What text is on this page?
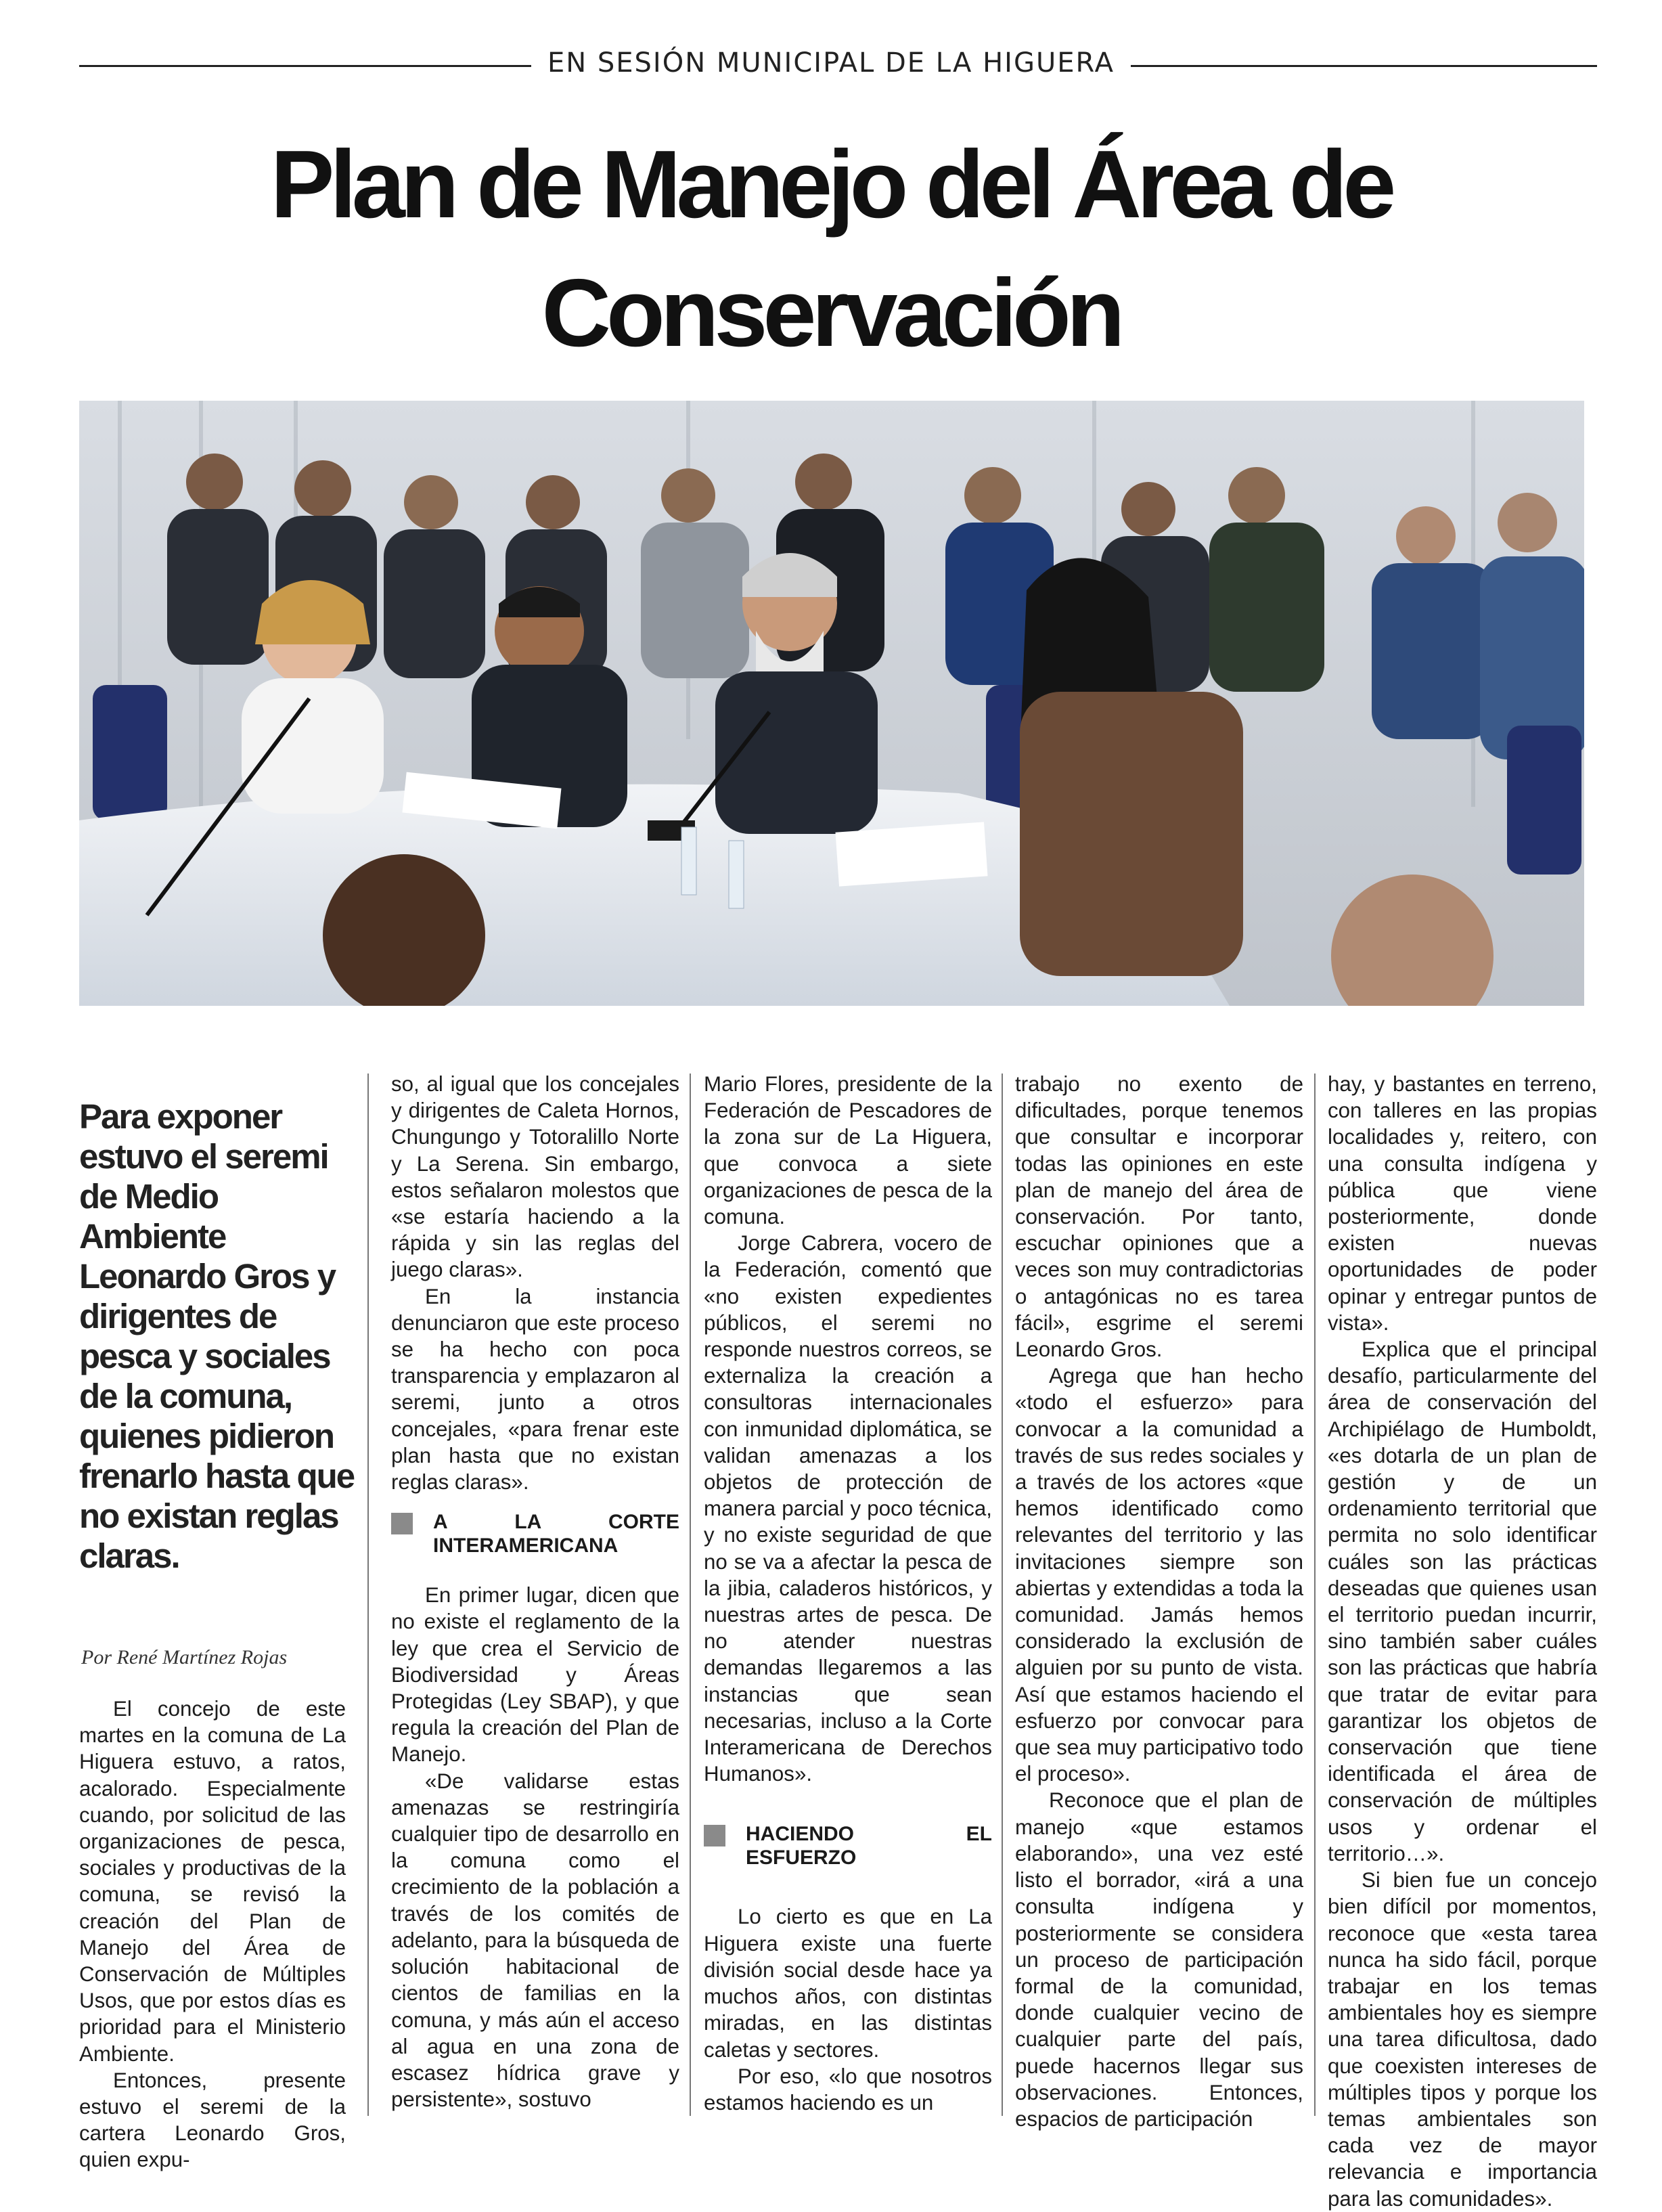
EN SESIÓN MUNICIPAL DE LA HIGUERA
Plan de Manejo del Área de Conservación
Para exponer estuvo el seremi de Medio Ambiente Leonardo Gros y dirigentes de pesca y sociales de la comuna, quienes pidieron frenarlo hasta que no existan reglas claras.
Por René Martínez Rojas

El concejo de este martes en la comuna de La Higuera estuvo, a ratos, acalorado. Especialmente cuando, por solicitud de las organizaciones de pesca, sociales y productivas de la comuna, se revisó la creación del Plan de Manejo del Área de Conservación de Múltiples Usos, que por estos días es prioridad para el Ministerio Ambiente.

Entonces, presente estuvo el seremi de la cartera Leonardo Gros, quien expu-

so, al igual que los concejales y dirigentes de Caleta Hornos, Chungungo y Totoralillo Norte y La Serena. Sin embargo, estos señalaron molestos que «se estaría haciendo a la rápida y sin las reglas del juego claras».

En la instancia denunciaron que este proceso se ha hecho con poca transparencia y emplazaron al seremi, junto a otros concejales, «para frenar este plan hasta que no existan reglas claras».

A LA CORTE INTERAMERICANA

En primer lugar, dicen que no existe el reglamento de la ley que crea el Servicio de Biodiversidad y Áreas Protegidas (Ley SBAP), y que regula la creación del Plan de Manejo.

«De validarse estas amenazas se restringiría cualquier tipo de desarrollo en la comuna como el crecimiento de la población a través de los comités de adelanto, para la búsqueda de solución habitacional de cientos de familias en la comuna, y más aún el acceso al agua en una zona de escasez hídrica grave y persistente», sostuvo

Mario Flores, presidente de la Federación de Pescadores de la zona sur de La Higuera, que convoca a siete organizaciones de pesca de la comuna.

Jorge Cabrera, vocero de la Federación, comentó que «no existen expedientes públicos, el seremi no responde nuestros correos, se externaliza la creación a consultoras internacionales con inmunidad diplomática, se validan amenazas a los objetos de protección de manera parcial y poco técnica, y no existe seguridad de que no se va a afectar la pesca de la jibia, caladeros históricos, y nuestras artes de pesca. De no atender nuestras demandas llegaremos a las instancias que sean necesarias, incluso a la Corte Interamericana de Derechos Humanos».

HACIENDO EL ESFUERZO

Lo cierto es que en La Higuera existe una fuerte división social desde hace ya muchos años, con distintas miradas, en las distintas caletas y sectores.

Por eso, «lo que nosotros estamos haciendo es un

trabajo no exento de dificultades, porque tenemos que consultar e incorporar todas las opiniones en este plan de manejo del área de conservación. Por tanto, escuchar opiniones que a veces son muy contradictorias o antagónicas no es tarea fácil», esgrime el seremi Leonardo Gros.

Agrega que han hecho «todo el esfuerzo» para convocar a la comunidad a través de sus redes sociales y a través de los actores «que hemos identificado como relevantes del territorio y las invitaciones siempre son abiertas y extendidas a toda la comunidad. Jamás hemos considerado la exclusión de alguien por su punto de vista. Así que estamos haciendo el esfuerzo por convocar para que sea muy participativo todo el proceso».

Reconoce que el plan de manejo «que estamos elaborando», una vez esté listo el borrador, «irá a una consulta indígena y posteriormente se considera un proceso de participación formal de la comunidad, donde cualquier vecino de cualquier parte del país, puede hacernos llegar sus observaciones. Entonces, espacios de participación

hay, y bastantes en terreno, con talleres en las propias localidades y, reitero, con una consulta indígena y pública que viene posteriormente, donde existen nuevas oportunidades de poder opinar y entregar puntos de vista».

Explica que el principal desafío, particularmente del área de conservación del Archipiélago de Humboldt, «es dotarla de un plan de gestión y de un ordenamiento territorial que permita no solo identificar cuáles son las prácticas deseadas que quienes usan el territorio puedan incurrir, sino también saber cuáles son las prácticas que habría que tratar de evitar para garantizar los objetos de conservación que tiene identificada el área de conservación de múltiples usos y ordenar el territorio…».

Si bien fue un concejo bien difícil por momentos, reconoce que «esta tarea nunca ha sido fácil, porque trabajar en los temas ambientales hoy es siempre una tarea dificultosa, dado que coexisten intereses de múltiples tipos y porque los temas ambientales son cada vez de mayor relevancia e importancia para las comunidades».
